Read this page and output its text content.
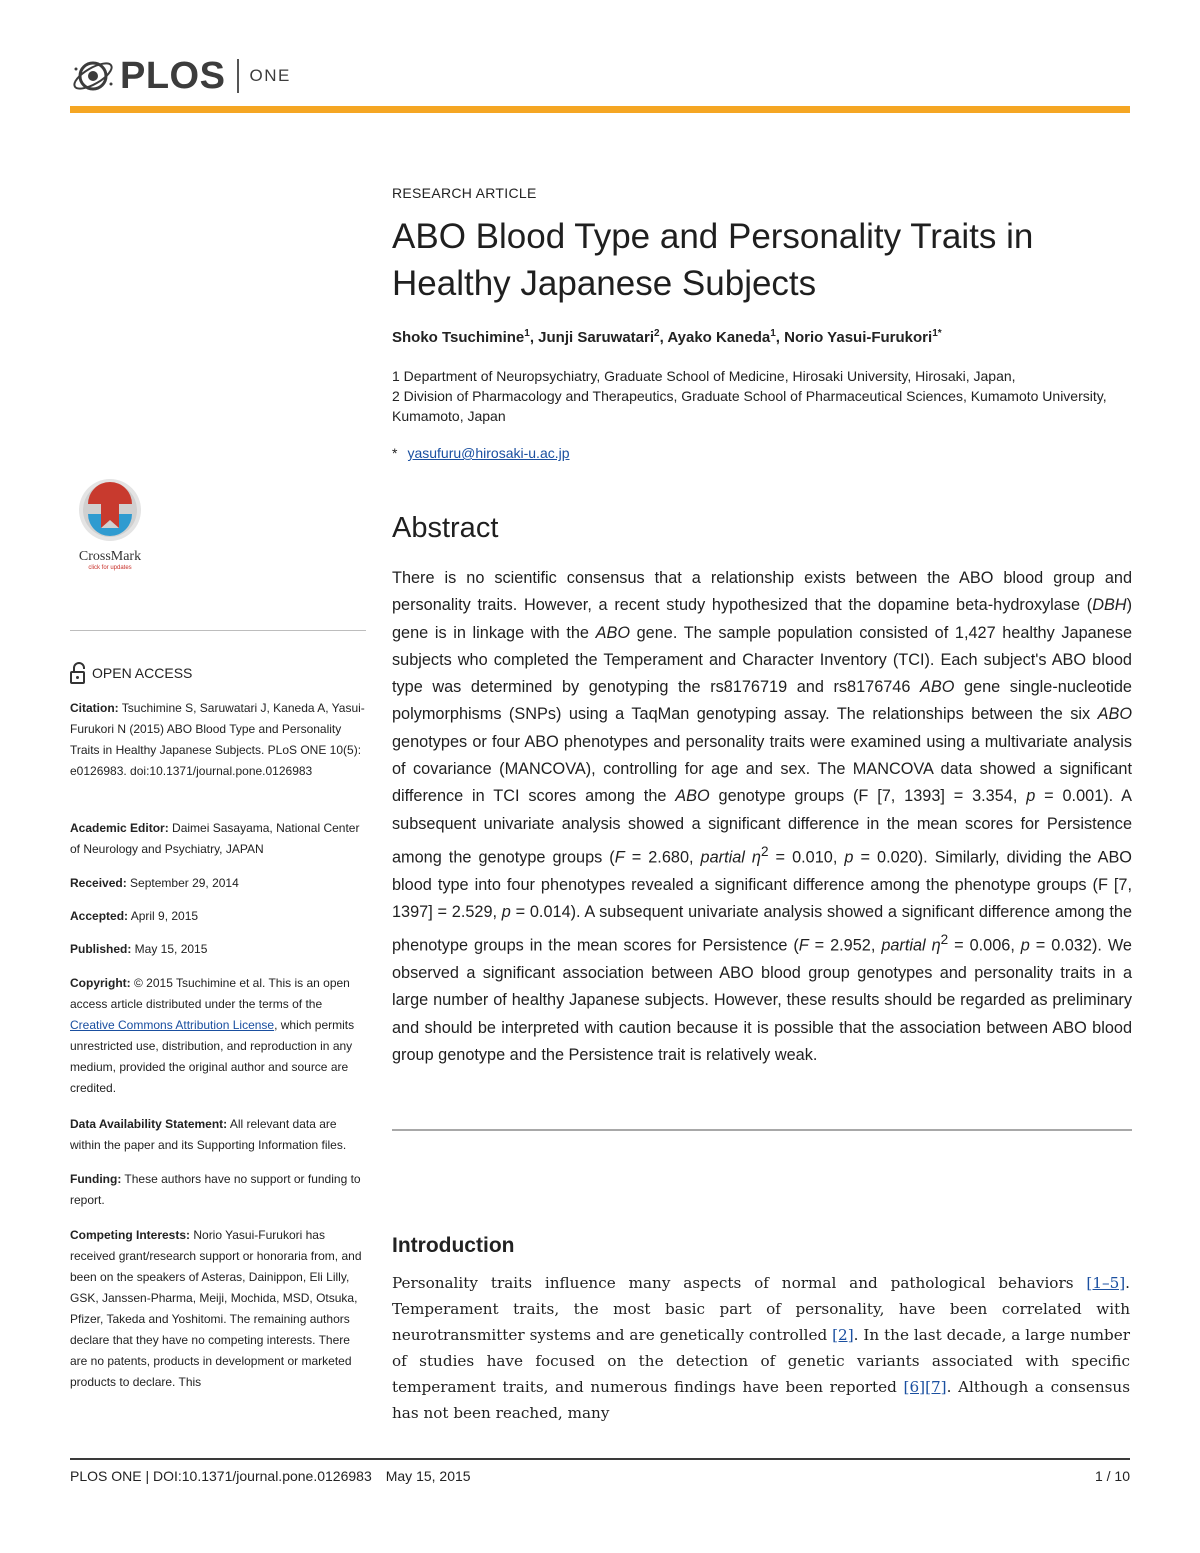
PLOS ONE
RESEARCH ARTICLE
ABO Blood Type and Personality Traits in
Healthy Japanese Subjects
Shoko Tsuchimine$^1$, Junji Saruwatari$^2$, Ayako Kaneda$^1$, Norio Yasui-Furukori$^{1*}$
1 Department of Neuropsychiatry, Graduate School of Medicine, Hirosaki University, Hirosaki, Japan,
2 Division of Pharmacology and Therapeutics, Graduate School of Pharmaceutical Sciences, Kumamoto University, Kumamoto, Japan
* yasufuru@hirosaki-u.ac.jp
Abstract
There is no scientific consensus that a relationship exists between the ABO blood group and personality traits. However, a recent study hypothesized that the dopamine beta-hydroxylase (DBH) gene is in linkage with the ABO gene. The sample population consisted of 1,427 healthy Japanese subjects who completed the Temperament and Character Inventory (TCI). Each subject's ABO blood type was determined by genotyping the rs8176719 and rs8176746 ABO gene single-nucleotide polymorphisms (SNPs) using a TaqMan genotyping assay. The relationships between the six ABO genotypes or four ABO phenotypes and personality traits were examined using a multivariate analysis of covariance (MANCOVA), controlling for age and sex. The MANCOVA data showed a significant difference in TCI scores among the ABO genotype groups (F [7, 1393] = 3.354, p = 0.001). A subsequent univariate analysis showed a significant difference in the mean scores for Persistence among the genotype groups (F = 2.680, partial $\eta^2 = 0.010$, p = 0.020). Similarly, dividing the ABO blood type into four phenotypes revealed a significant difference among the phenotype groups (F [7, 1397] = 2.529, p = 0.014). A subsequent univariate analysis showed a significant difference among the phenotype groups in the mean scores for Persistence (F = 2.952, partial $\eta^2 = 0.006$, p = 0.032). We observed a significant association between ABO blood group genotypes and personality traits in a large number of healthy Japanese subjects. However, these results should be regarded as preliminary and should be interpreted with caution because it is possible that the association between ABO blood group genotype and the Persistence trait is relatively weak.
Introduction
Personality traits influence many aspects of normal and pathological behaviors [1–5]. Temperament traits, the most basic part of personality, have been correlated with neurotransmitter systems and are genetically controlled [2]. In the last decade, a large number of studies have focused on the detection of genetic variants associated with specific temperament traits, and numerous findings have been reported [6][7]. Although a consensus has not been reached, many
CrossMark
click for updates
OPEN ACCESS
Citation: Tsuchimine S, Saruwatari J, Kaneda A, Yasui-Furukori N (2015) ABO Blood Type and Personality Traits in Healthy Japanese Subjects. PLoS ONE 10(5): e0126983. doi:10.1371/journal.pone.0126983
Academic Editor: Daimei Sasayama, National Center of Neurology and Psychiatry, JAPAN
Received: September 29, 2014
Accepted: April 9, 2015
Published: May 15, 2015
Copyright: © 2015 Tsuchimine et al. This is an open access article distributed under the terms of the Creative Commons Attribution License, which permits unrestricted use, distribution, and reproduction in any medium, provided the original author and source are credited.
Data Availability Statement: All relevant data are within the paper and its Supporting Information files.
Funding: These authors have no support or funding to report.
Competing Interests: Norio Yasui-Furukori has received grant/research support or honoraria from, and been on the speakers of Asteras, Dainippon, Eli Lilly, GSK, Janssen-Pharma, Meiji, Mochida, MSD, Otsuka, Pfizer, Takeda and Yoshitomi. The remaining authors declare that they have no competing interests. There are no patents, products in development or marketed products to declare. This
PLOS ONE | DOI:10.1371/journal.pone.0126983 May 15, 2015	1 / 10
